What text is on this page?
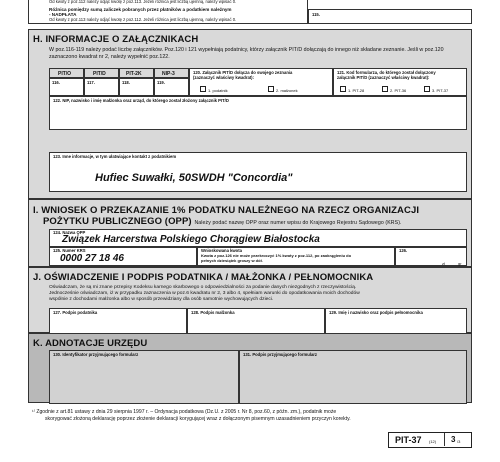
Od kwoty z poz.112 należy odjąć kwotę z poz.113. Jeżeli różnica jest liczbą ujemną, należy wpisać 0.
Różnica pomiędzy sumą zaliczek pobranych przez płatników a podatkiem należnym
- NADPŁATA
Od kwoty z poz.113 należy odjąć kwotę z poz.112. Jeżeli różnica jest liczbą ujemną, należy wpisać 0.
115.
H. INFORMACJE O ZAŁĄCZNIKACH
W poz.116-119 należy podać liczbę załączników. Poz.120 i 121 wypełniają podatnicy, którzy załącznik PIT/D dołączają do innego niż składane zeznanie. Jeśli w poz.120 zaznaczono kwadrat nr 2, należy wypełnić poz.122.
PIT/O	PIT/D	PIT-2K	NIP-3
116.	117.	118.	119.
120. Załącznik PIT/D dołącza do swojego zeznania (zaznaczyć właściwy kwadrat):
1. podatnik	2. małżonek
121. Kod formularza, do którego został dołączony załącznik PIT/D (zaznaczyć właściwy kwadrat):
1. PIT-28	2. PIT-36	3. PIT-37
122. NIP, nazwisko i imię małżonka oraz urząd, do którego został złożony załącznik PIT/D
123. Inne informacje, w tym ułatwiające kontakt z podatnikiem
Hufiec Suwałki, 50SWDH "Concordia"
I. WNIOSEK O PRZEKAZANIE 1% PODATKU NALEŻNEGO NA RZECZ ORGANIZACJI
POŻYTKU PUBLICZNEGO (OPP) Należy podać nazwę OPP oraz numer wpisu do Krajowego Rejestru Sądowego (KRS).
124. Nazwa OPP
Związek Harcerstwa Polskiego Chorągiew Białostocka
125. Numer KRS
0000 27 18 46
Wnioskowana kwota
Kwota z poz.126 nie może przekroczyć 1% kwoty z poz.112, po zaokrągleniu do pełnych dziesiątek groszy w dół.
126.
zł	gr
J. OŚWIADCZENIE I PODPIS PODATNIKA / MAŁŻONKA / PEŁNOMOCNIKA
Oświadczam, że są mi znane przepisy Kodeksu karnego skarbowego o odpowiedzialności za podanie danych niezgodnych z rzeczywistością.
Jednocześnie oświadczam, iż w przypadku zaznaczenia w poz.6 kwadratu nr 2, 3 albo 4, spełniam warunki do opodatkowania moich dochodów
wspólnie z dochodami małżonka albo w sposób przewidziany dla osób samotnie wychowujących dzieci.
127. Podpis podatnika	128. Podpis małżonka	129. Imię i nazwisko oraz podpis pełnomocnika
K. ADNOTACJE URZĘDU
130. Identyfikator przyjmującego formularz	131. Podpis przyjmującego formularz
¹⁾ Zgodnie z art.81 ustawy z dnia 29 sierpnia 1997 r. – Ordynacja podatkowa (Dz.U. z 2005 r. Nr 8, poz.60, z późn. zm.), podatnik może
skorygować złożoną deklarację poprzez złożenie deklaracji korygującej wraz z dołączonym pisemnym uzasadnieniem przyczyn korekty.
PIT-37 (12) 3 /3
